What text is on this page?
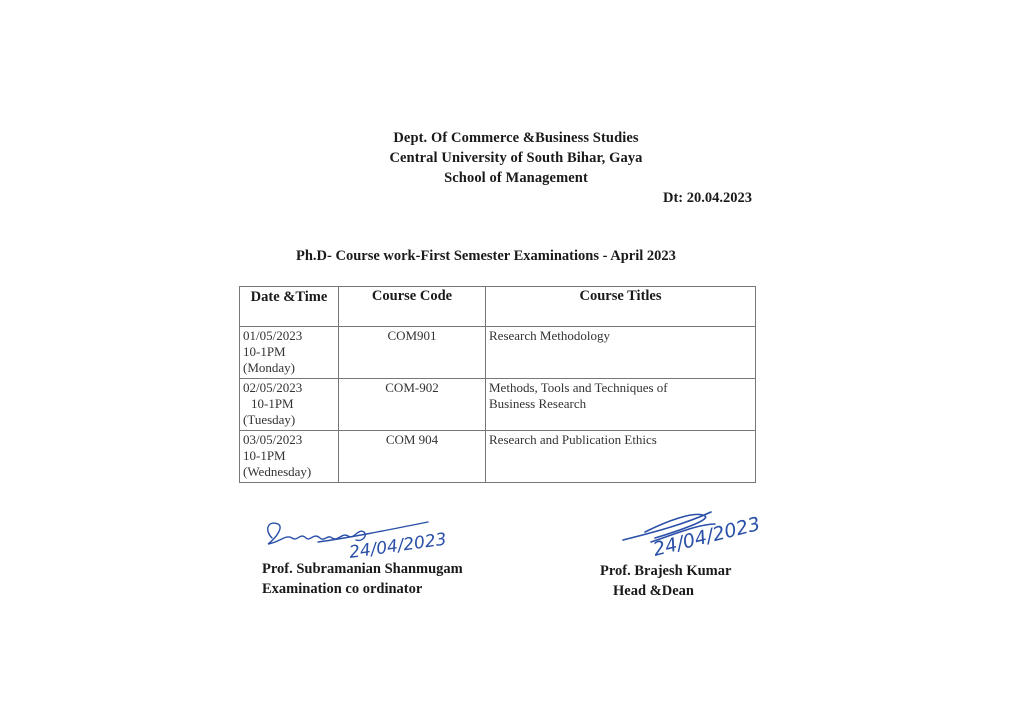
Dept. Of Commerce &Business Studies
Central University of South Bihar, Gaya
School of Management
Dt: 20.04.2023
Ph.D- Course work-First Semester Examinations - April 2023
Date &Time	Course Code	Course Titles

01/05/2023
10-1PM
(Monday)	COM901	Research Methodology

02/05/2023
10-1PM
(Tuesday)	COM-902	Methods, Tools and Techniques of Business Research

03/05/2023
10-1PM
(Wednesday)	COM 904	Research and Publication Ethics
24/04/2023
Prof. Subramanian Shanmugam
Examination co ordinator
24/04/2023
Prof. Brajesh Kumar
Head &Dean
